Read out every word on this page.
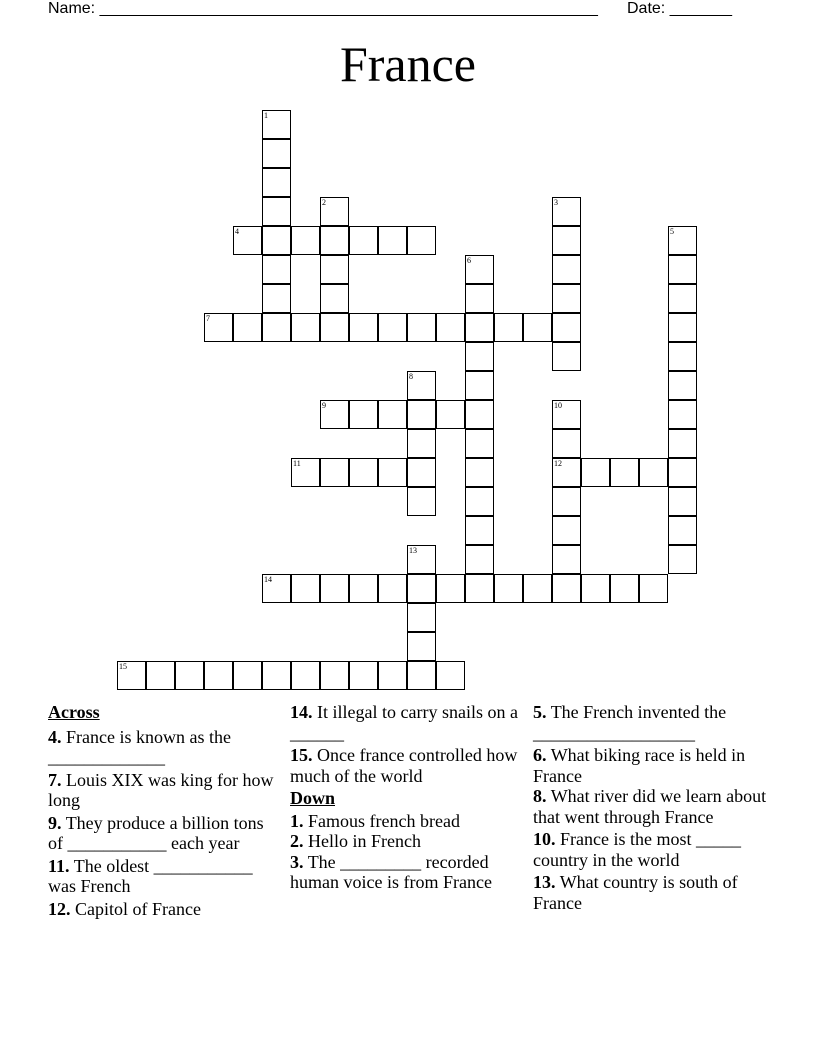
Name: ________________________________________________________ Date: _______
France
1
2	3
4	5
6
7
8
9	10
12
11
13
14
15
Across
4. France is known as the _____________
7. Louis XIX was king for how long
9. They produce a billion tons of ___________ each year
11. The oldest ___________ was French
12. Capitol of France
14. It illegal to carry snails on a ______
15. Once france controlled how much of the world
Down
1. Famous french bread
2. Hello in French
3. The _________ recorded human voice is from France
5. The French invented the __________________
6. What biking race is held in France
8. What river did we learn about that went through France
10. France is the most _____ country in the world
13. What country is south of France
